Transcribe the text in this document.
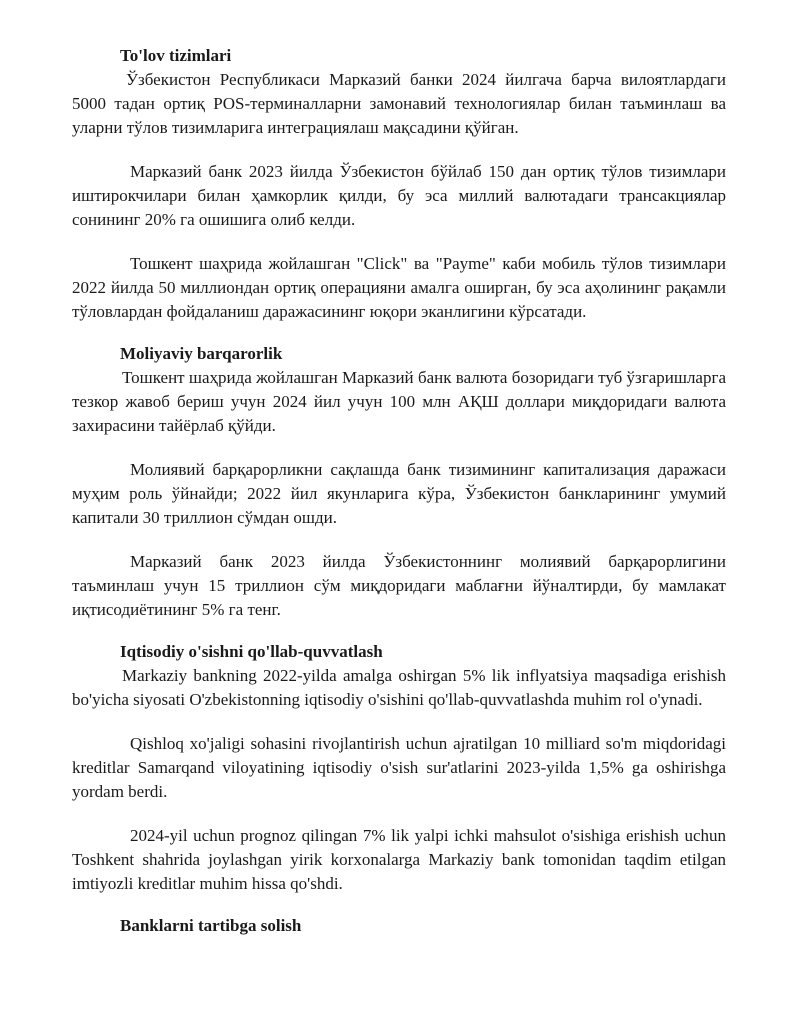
To'lov tizimlari

Ўзбекистон Республикаси Марказий банки 2024 йилгача барча вилоятлардаги 5000 тадан ортиқ POS-терминалларни замонавий технологиялар билан таъминлаш ва уларни тўлов тизимларига интеграциялаш мақсадини қўйган.

Марказий банк 2023 йилда Ўзбекистон бўйлаб 150 дан ортиқ тўлов тизимлари иштирокчилари билан ҳамкорлик қилди, бу эса миллий валютадаги трансакциялар сонининг 20% га ошишига олиб келди.

Тошкент шаҳрида жойлашган "Click" ва "Payme" каби мобиль тўлов тизимлари 2022 йилда 50 миллиондан ортиқ операцияни амалга оширган, бу эса аҳолининг рақамли тўловлардан фойдаланиш даражасининг юқори эканлигини кўрсатади.

Moliyaviy barqarorlik

Тошкент шаҳрида жойлашган Марказий банк валюта бозоридаги туб ўзгаришларга тезкор жавоб бериш учун 2024 йил учун 100 млн АҚШ доллари миқдоридаги валюта захирасини тайёрлаб қўйди.

Молиявий барқарорликни сақлашда банк тизимининг капитализация даражаси муҳим роль ўйнайди; 2022 йил якунларига кўра, Ўзбекистон банкларининг умумий капитали 30 триллион сўмдан ошди.

Марказий банк 2023 йилда Ўзбекистоннинг молиявий барқарорлигини таъминлаш учун 15 триллион сўм миқдоридаги маблағни йўналтирди, бу мамлакат иқтисодиётининг 5% га тенг.

Iqtisodiy o'sishni qo'llab-quvvatlash

Markaziy bankning 2022-yilda amalga oshirgan 5% lik inflyatsiya maqsadiga erishish bo'yicha siyosati O'zbekistonning iqtisodiy o'sishini qo'llab-quvvatlashda muhim rol o'ynadi.

Qishloq xo'jaligi sohasini rivojlantirish uchun ajratilgan 10 milliard so'm miqdoridagi kreditlar Samarqand viloyatining iqtisodiy o'sish sur'atlarini 2023-yilda 1,5% ga oshirishga yordam berdi.

2024-yil uchun prognoz qilingan 7% lik yalpi ichki mahsulot o'sishiga erishish uchun Toshkent shahrida joylashgan yirik korxonalarga Markaziy bank tomonidan taqdim etilgan imtiyozli kreditlar muhim hissa qo'shdi.

Banklarni tartibga solish
